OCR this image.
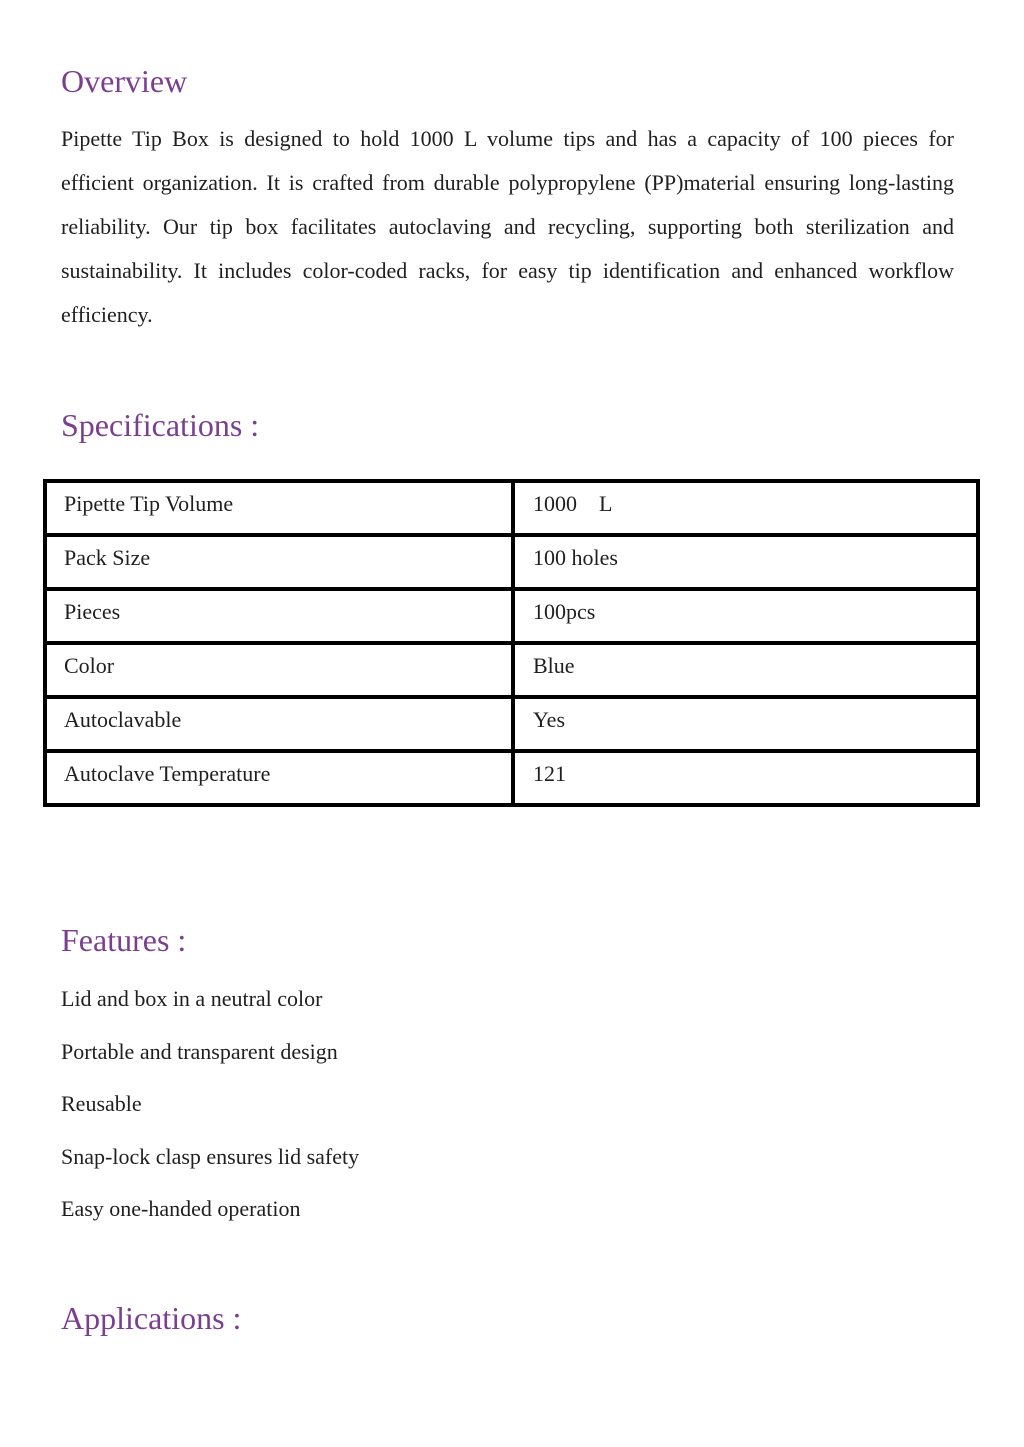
Overview

Pipette Tip Box is designed to hold 1000 L volume tips and has a capacity of 100 pieces for efficient organization. It is crafted from durable polypropylene (PP)material ensuring long-lasting reliability. Our tip box facilitates autoclaving and recycling, supporting both sterilization and sustainability. It includes color-coded racks, for easy tip identification and enhanced workflow efficiency.

Specifications :
Pipette Tip Volume	1000    L
Pack Size	100 holes
Pieces	100pcs
Color	Blue
Autoclavable	Yes
Autoclave Temperature	121
Features :
Lid and box in a neutral color
Portable and transparent design
Reusable
Snap-lock clasp ensures lid safety
Easy one-handed operation
Applications :
